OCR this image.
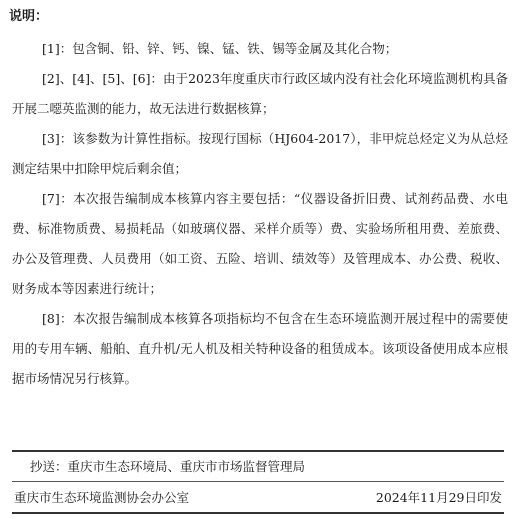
说明：

[1]：包含铜、铅、锌、钙、镍、锰、铁、锡等金属及其化合物；

[2]、[4]、[5]、[6]：由于2023年度重庆市行政区域内没有社会化环境监测机构具备开展二噁英监测的能力，故无法进行数据核算；

[3]：该参数为计算性指标。按现行国标（HJ604-2017），非甲烷总烃定义为从总烃测定结果中扣除甲烷后剩余值；

[7]：本次报告编制成本核算内容主要包括：“仪器设备折旧费、试剂药品费、水电费、标准物质费、易损耗品（如玻璃仪器、采样介质等）费、实验场所租用费、差旅费、办公及管理费、人员费用（如工资、五险、培训、绩效等）及管理成本、办公费、税收、财务成本等因素进行统计；

[8]：本次报告编制成本核算各项指标均不包含在生态环境监测开展过程中的需要使用的专用车辆、船舶、直升机/无人机及相关特种设备的租赁成本。该项设备使用成本应根据市场情况另行核算。

抄送：重庆市生态环境局、重庆市市场监督管理局
重庆市生态环境监测协会办公室	2024年11月29日印发
